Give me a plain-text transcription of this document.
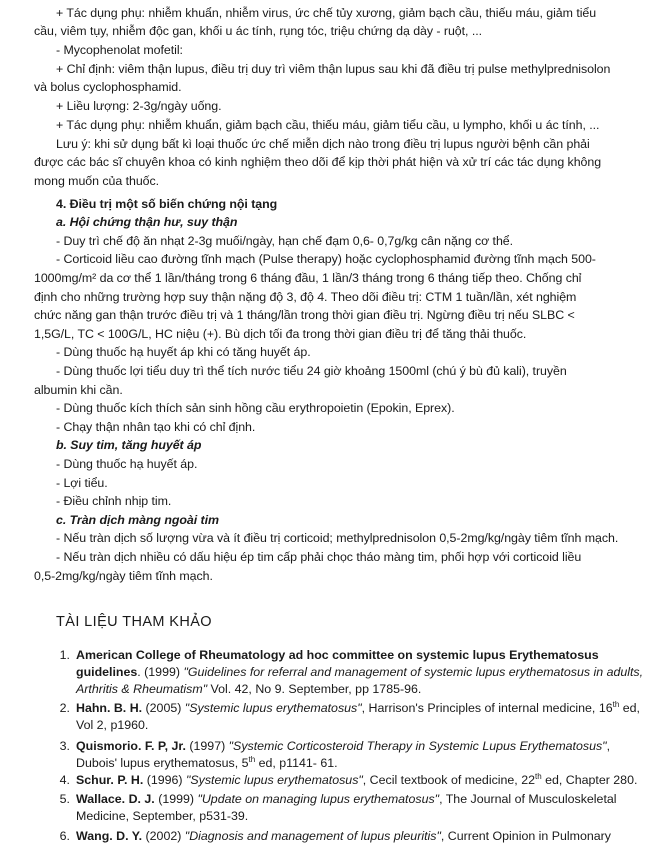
+ Tác dụng phụ: nhiễm khuẩn, nhiễm virus, ức chế tủy xương, giảm bạch cầu, thiếu máu, giảm tiểu
cầu, viêm tụy, nhiễm độc gan, khối u ác tính, rụng tóc, triệu chứng dạ dày - ruột, ...
- Mycophenolat mofetil:
+ Chỉ định: viêm thận lupus, điều trị duy trì viêm thận lupus sau khi đã điều trị pulse methylprednisolon
và bolus cyclophosphamid.
+ Liều lượng: 2-3g/ngày uống.
+ Tác dụng phụ: nhiễm khuẩn, giảm bạch cầu, thiếu máu, giảm tiểu cầu, u lympho, khối u ác tính, ...
Lưu ý: khi sử dụng bất kì loại thuốc ức chế miễn dịch nào trong điều trị lupus người bệnh cần phải
được các bác sĩ chuyên khoa có kinh nghiệm theo dõi để kịp thời phát hiện và xử trí các tác dụng không
mong muốn của thuốc.
4. Điều trị một số biến chứng nội tạng
a. Hội chứng thận hư, suy thận
- Duy trì chế độ ăn nhạt 2-3g muối/ngày, hạn chế đạm 0,6- 0,7g/kg cân nặng cơ thể.
- Corticoid liều cao đường tĩnh mạch (Pulse therapy) hoặc cyclophosphamid đường tĩnh mạch 500-
1000mg/m² da cơ thể 1 lần/tháng trong 6 tháng đầu, 1 lần/3 tháng trong 6 tháng tiếp theo. Chống chỉ
định cho những trường hợp suy thận nặng độ 3, độ 4. Theo dõi điều trị: CTM 1 tuần/lần, xét nghiệm
chức năng gan thận trước điều trị và 1 tháng/lần trong thời gian điều trị. Ngừng điều trị nếu SLBC <
1,5G/L, TC < 100G/L, HC niệu (+). Bù dịch tối đa trong thời gian điều trị để tăng thải thuốc.
- Dùng thuốc hạ huyết áp khi có tăng huyết áp.
- Dùng thuốc lợi tiểu duy trì thể tích nước tiểu 24 giờ khoảng 1500ml (chú ý bù đủ kali), truyền
albumin khi cần.
- Dùng thuốc kích thích sản sinh hồng cầu erythropoietin (Epokin, Eprex).
- Chạy thận nhân tạo khi có chỉ định.
b. Suy tim, tăng huyết áp
- Dùng thuốc hạ huyết áp.
- Lợi tiểu.
- Điều chỉnh nhịp tim.
c. Tràn dịch màng ngoài tim
- Nếu tràn dịch số lượng vừa và ít điều trị corticoid; methylprednisolon 0,5-2mg/kg/ngày tiêm tĩnh mạch.
- Nếu tràn dịch nhiều có dấu hiệu ép tim cấp phải chọc tháo màng tim, phối hợp với corticoid liều
0,5-2mg/kg/ngày tiêm tĩnh mạch.
TÀI LIỆU THAM KHẢO
1. American College of Rheumatology ad hoc committee on systemic lupus Erythematosus guidelines. (1999) "Guidelines for referral and management of systemic lupus erythematosus in adults, Arthritis & Rheumatism" Vol. 42, No 9. September, pp 1785-96.
2. Hahn. B. H. (2005) "Systemic lupus erythematosus", Harrison's Principles of internal medicine, 16th ed, Vol 2, p1960.
3. Quismorio. F. P, Jr. (1997) "Systemic Corticosteroid Therapy in Systemic Lupus Erythematosus", Dubois' lupus erythematosus, 5th ed, p1141- 61.
4. Schur. P. H. (1996) "Systemic lupus erythematosus", Cecil textbook of medicine, 22th ed, Chapter 280.
5. Wallace. D. J. (1999) "Update on managing lupus erythematosus", The Journal of Musculoskeletal Medicine, September, p531-39.
6. Wang. D. Y. (2002) "Diagnosis and management of lupus pleuritis", Current Opinion in Pulmonary
